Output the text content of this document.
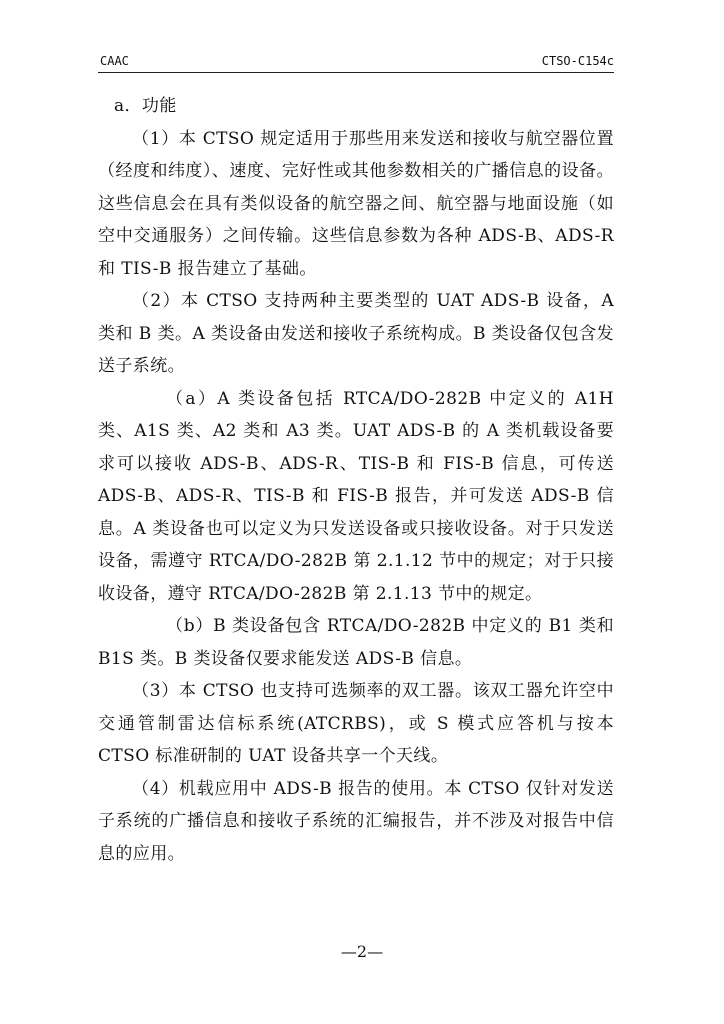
CAAC	CTSO-C154c

a．功能

（1）本 CTSO 规定适用于那些用来发送和接收与航空器位置（经度和纬度）、速度、完好性或其他参数相关的广播信息的设备。这些信息会在具有类似设备的航空器之间、航空器与地面设施（如空中交通服务）之间传输。这些信息参数为各种 ADS-B、ADS-R 和 TIS-B 报告建立了基础。

（2）本 CTSO 支持两种主要类型的 UAT ADS-B 设备，A 类和 B 类。A 类设备由发送和接收子系统构成。B 类设备仅包含发送子系统。

（a）A 类设备包括 RTCA/DO-282B 中定义的 A1H 类、A1S 类、A2 类和 A3 类。UAT ADS-B 的 A 类机载设备要求可以接收 ADS-B、ADS-R、TIS-B 和 FIS-B 信息，可传送 ADS-B、ADS-R、TIS-B 和 FIS-B 报告，并可发送 ADS-B 信息。A 类设备也可以定义为只发送设备或只接收设备。对于只发送设备，需遵守 RTCA/DO-282B 第 2.1.12 节中的规定；对于只接收设备，遵守 RTCA/DO-282B 第 2.1.13 节中的规定。

（b）B 类设备包含 RTCA/DO-282B 中定义的 B1 类和 B1S 类。B 类设备仅要求能发送 ADS-B 信息。

（3）本 CTSO 也支持可选频率的双工器。该双工器允许空中交通管制雷达信标系统(ATCRBS)，或 S 模式应答机与按本 CTSO 标准研制的 UAT 设备共享一个天线。

（4）机载应用中 ADS-B 报告的使用。本 CTSO 仅针对发送子系统的广播信息和接收子系统的汇编报告，并不涉及对报告中信息的应用。

—2—
